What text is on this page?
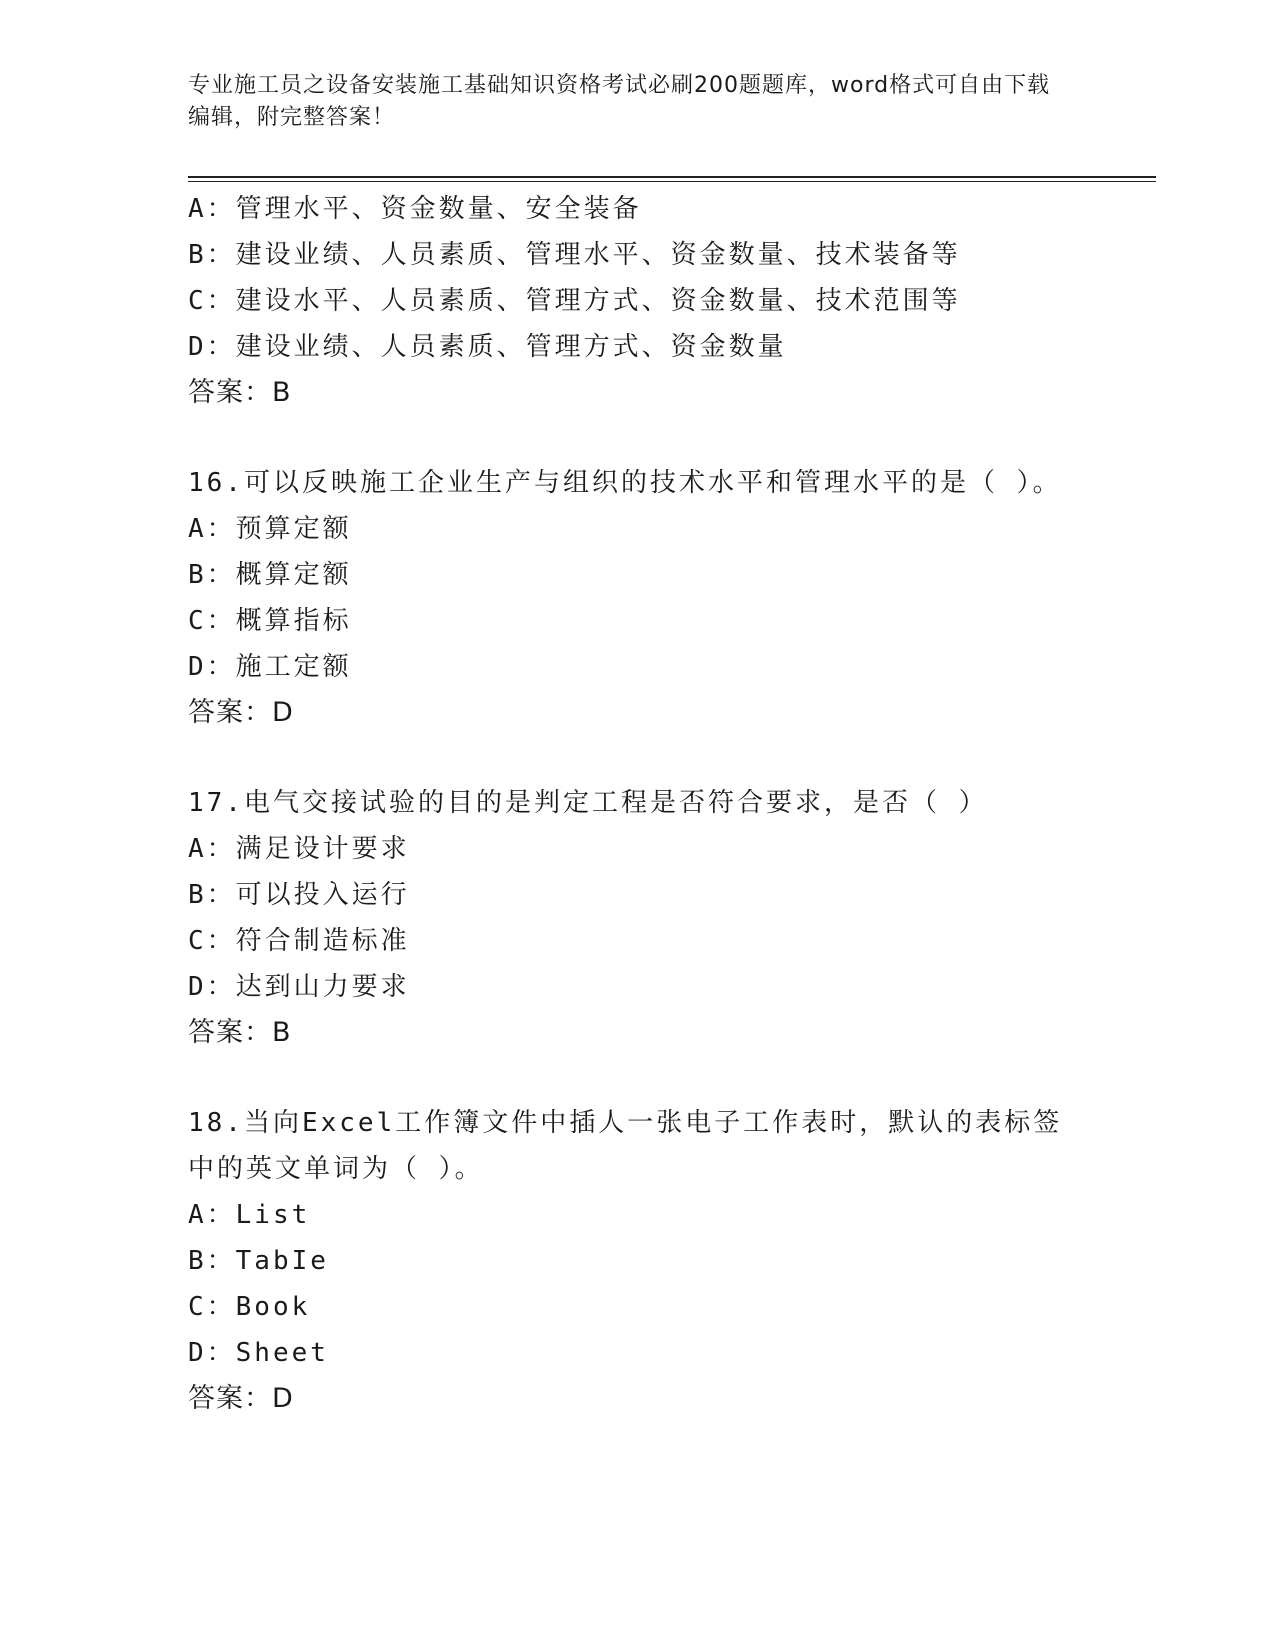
专业施工员之设备安装施工基础知识资格考试必刷200题题库，word格式可自由下载编辑，附完整答案！
A：管理水平、资金数量、安全装备
B：建设业绩、人员素质、管理水平、资金数量、技术装备等
C：建设水平、人员素质、管理方式、资金数量、技术范围等
D：建设业绩、人员素质、管理方式、资金数量
答案：B
16.可以反映施工企业生产与组织的技术水平和管理水平的是（ ）。
A：预算定额
B：概算定额
C：概算指标
D：施工定额
答案：D
17.电气交接试验的目的是判定工程是否符合要求，是否（ ）
A：满足设计要求
B：可以投入运行
C：符合制造标准
D：达到山力要求
答案：B
18.当向Excel工作簿文件中插人一张电子工作表时，默认的表标签中的英文单词为（ ）。
A：List
B：TabIe
C：Book
D：Sheet
答案：D
